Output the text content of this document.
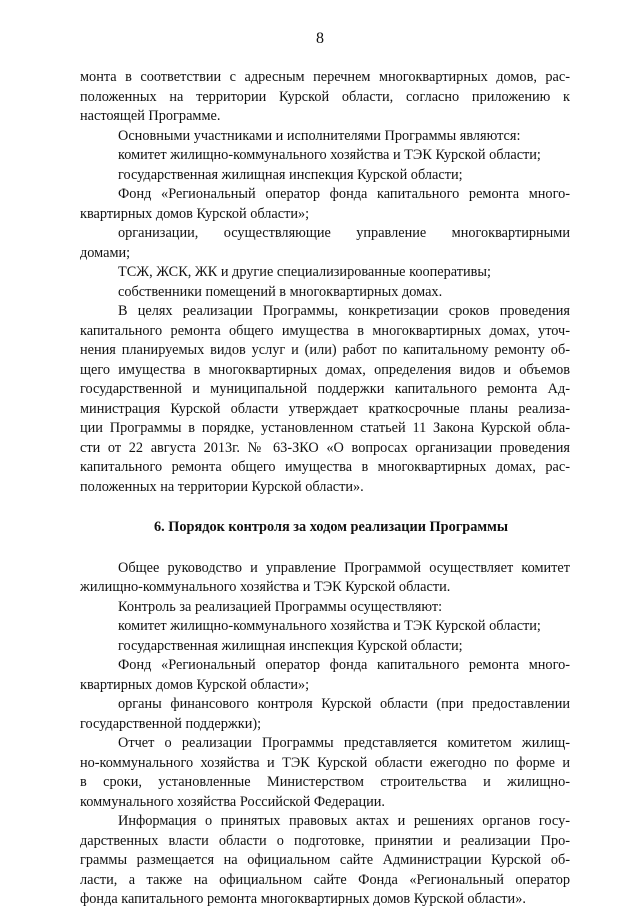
8
монта в соответствии с адресным перечнем многоквартирных домов, рас-
положенных на территории Курской области, согласно приложению к
настоящей Программе.
Основными участниками и исполнителями Программы являются:
комитет жилищно-коммунального хозяйства и ТЭК Курской области;
государственная жилищная инспекция Курской области;
Фонд «Региональный оператор фонда капитального ремонта много-
квартирных домов Курской области»;
организации, осуществляющие управление многоквартирными
домами;
ТСЖ, ЖСК, ЖК и другие специализированные кооперативы;
собственники помещений в многоквартирных домах.
В целях реализации Программы, конкретизации сроков проведения
капитального ремонта общего имущества в многоквартирных домах, уточ-
нения планируемых видов услуг и (или) работ по капитальному ремонту об-
щего имущества в многоквартирных домах, определения видов и объемов
государственной и муниципальной поддержки капитального ремонта Ад-
министрация Курской области утверждает краткосрочные планы реализа-
ции Программы в порядке, установленном статьей 11 Закона Курской обла-
сти от 22 августа 2013г. № 63-ЗКО «О вопросах организации проведения
капитального ремонта общего имущества в многоквартирных домах, рас-
положенных на территории Курской области».
6. Порядок контроля за ходом реализации Программы
Общее руководство и управление Программой осуществляет комитет
жилищно-коммунального хозяйства и ТЭК Курской области.
Контроль за реализацией Программы осуществляют:
комитет жилищно-коммунального хозяйства и ТЭК Курской области;
государственная жилищная инспекция Курской области;
Фонд «Региональный оператор фонда капитального ремонта много-
квартирных домов Курской области»;
органы финансового контроля Курской области (при предоставлении
государственной поддержки);
Отчет о реализации Программы представляется комитетом жилищ-
но-коммунального хозяйства и ТЭК Курской области ежегодно по форме и
в сроки, установленные Министерством строительства и жилищно-
коммунального хозяйства Российской Федерации.
Информация о принятых правовых актах и решениях органов госу-
дарственных власти области о подготовке, принятии и реализации Про-
граммы размещается на официальном сайте Администрации Курской об-
ласти, а также на официальном сайте Фонда «Региональный оператор
фонда капитального ремонта многоквартирных домов Курской области».
